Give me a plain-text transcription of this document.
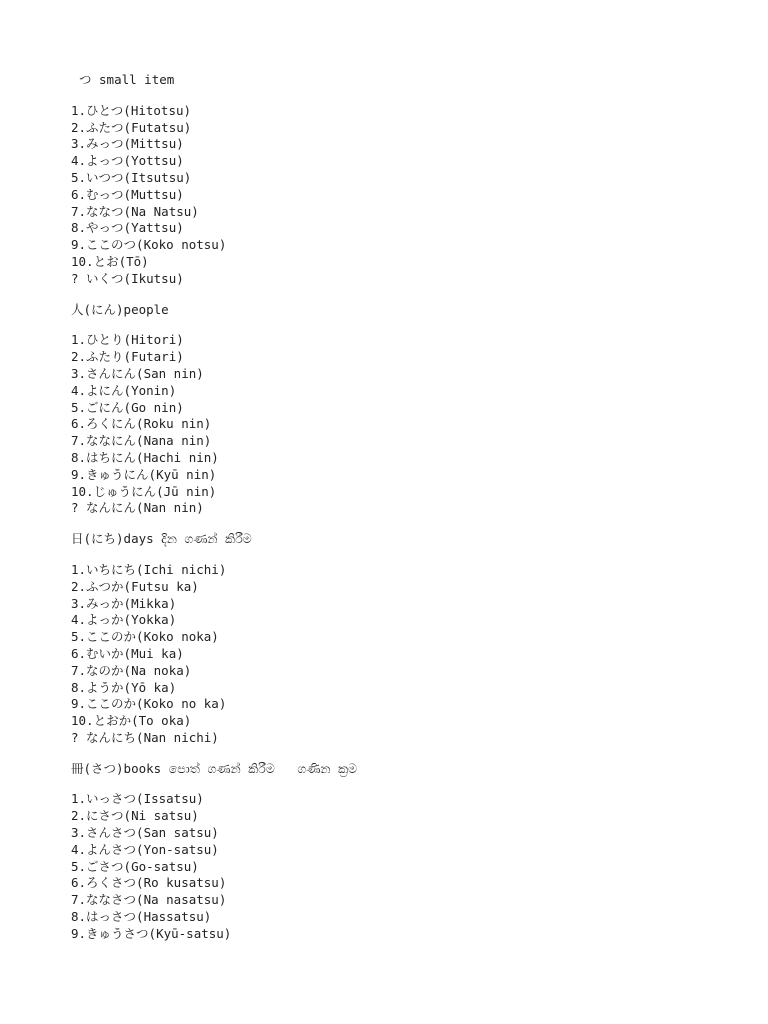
つ small item

1.ひとつ(Hitotsu)
2.ふたつ(Futatsu)
3.みっつ(Mittsu)
4.よっつ(Yottsu)
5.いつつ(Itsutsu)
6.むっつ(Muttsu)
7.ななつ(Na Natsu)
8.やっつ(Yattsu)
9.ここのつ(Koko notsu)
10.とお(Tō)
? いくつ(Ikutsu)

人(にん)people

1.ひとり(Hitori)
2.ふたり(Futari)
3.さんにん(San nin)
4.よにん(Yonin)
5.ごにん(Go nin)
6.ろくにん(Roku nin)
7.ななにん(Nana nin)
8.はちにん(Hachi nin)
9.きゅうにん(Kyū nin)
10.じゅうにん(Jū nin)
? なんにん(Nan nin)

日(にち)days දින ගණන් කිරීම

1.いちにち(Ichi nichi)
2.ふつか(Futsu ka)
3.みっか(Mikka)
4.よっか(Yokka)
5.ここのか(Koko noka)
6.むいか(Mui ka)
7.なのか(Na noka)
8.ようか(Yō ka)
9.ここのか(Koko no ka)
10.とおか(To oka)
? なんにち(Nan nichi)

冊(さつ)books පොත් ගණන් කිරීම   ගණින ක්‍රම

1.いっさつ(Issatsu)
2.にさつ(Ni satsu)
3.さんさつ(San satsu)
4.よんさつ(Yon-satsu)
5.ごさつ(Go-satsu)
6.ろくさつ(Ro kusatsu)
7.ななさつ(Na nasatsu)
8.はっさつ(Hassatsu)
9.きゅうさつ(Kyū-satsu)
